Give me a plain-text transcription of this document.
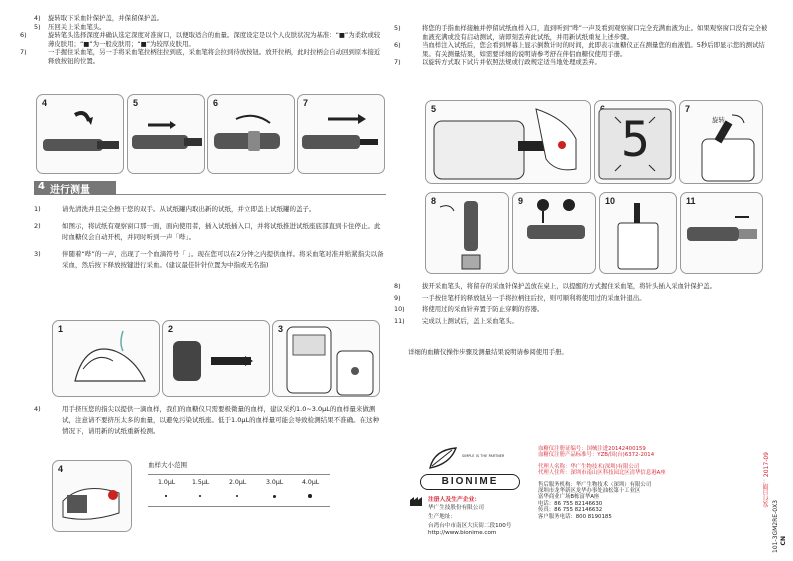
4) 旋转取下采血针保护盖，并保留保护盖。
5) 压回关上采血笔头。
6)	旋转笔头选择深度并确认选定深度对准窗口，以便取适合的血量。深度设定是以个人皮肤状况为基准：“■”为柔软或较薄皮肤用；“■”为一般皮肤用；“■”为较厚皮肤用。
7)	一手握住采血笔，另一手将采血笔拉柄往拉到底，采血笔将会拉到待放按钮。放开拉柄，此时拉柄会自动回到原本接近释放按钮的位置。
4	5	6	7
4 进行测量
1)	请先清洗并且完全擦干您的双手。从试纸罐内取出新的试纸，并立即盖上试纸罐的盖子。
2)	如图示，将试纸有观察窗口那一面，面向使用者，插入试纸插入口，并将试纸推进试纸座底部直到卡住停止。此时血糖仪会自动开机，并同时听到一声「哔」。
3)	伴随着“哔”的一声，出现了一个血滴符号「 」。现在您可以在2分钟之内提供血样。将采血笔对准并贴紧指尖以备采血，然后按下释放按键进行采血。(建议最佳针针位置为中指或无名指)
1	2	3
4)	用手挤压您的指尖以提供一滴血样，我们的血糖仪只需要极微量的血样，建议采约1.0~3.0μL的血样量来做测试，注意请不要挤压太多的血量，以避免污染试纸座。低于1.0μL的血样量可能会导致检测结果不准确。在这种情况下，请用新的试纸重新检测。
4	血样大小范围
1.0μL	1.5μL	2.0μL	3.0μL	4.0μL
5)	将您的手指血样接触并停留试纸血样入口，直到听到“哔”一声及看到观察窗口完全充满血液为止。如果观察窗口没有完全被血液充满或没有启动测试，请即刻丢弃此试纸，并用新试纸重复上述步骤。
6)	当血样注入试纸后，您会看到屏幕上显示倒数计时的时间，此即表示血糖仪正在测量您的血液值。5秒后即显示您的测试结果。有关测量结果，如需要详细的说明请参考舒在伴侣血糖仪使用手册。
7)	以旋转方式取下试片并依照法规或行政规定适当地处理或丢弃。
5
5
7
旋转
8	9	10	11
8)	拔开采血笔头，将留存的采血针保护盖放在桌上，以提醒的方式握住采血笔，将针头插入采血针保护盖。
9)	一手按住笔杆的释放钮另一手将拉柄往后拉，则可顺利将使用过的采血针退出。
10)	将使用过的采血针弃置于防止穿刺的容器。
11)	完成以上测试后，盖上采血笔头。
详细的血糖仪操作步骤及测量结果说明请参阅使用手册。
SIMPLE IS THE PARTNER
BIONIME
注册人及生产企业：
华广生技股份有限公司
生产地址：
台湾台中市南区大庆街二段100号
http://www.bionime.com
血糖仪注册证编号：国械注进20142400159
血糖仪注册产品标准号：YZB/国(台)6372-2014
代理人名称：华广生物技术(深圳)有限公司
代理人住所：深圳市南山区科技园北区清华信息港A座
售后服务机构：华广生物技术（深圳）有限公司
深圳市龙华新区龙华办事处油松第十工业区
富华商业广场B栋富华A座
电话：86 755 82146630
传真：86 755 82146632
客户服务电话：800 8190185
发行日期：2017-09
101-3GM2RE-0X3 CN
